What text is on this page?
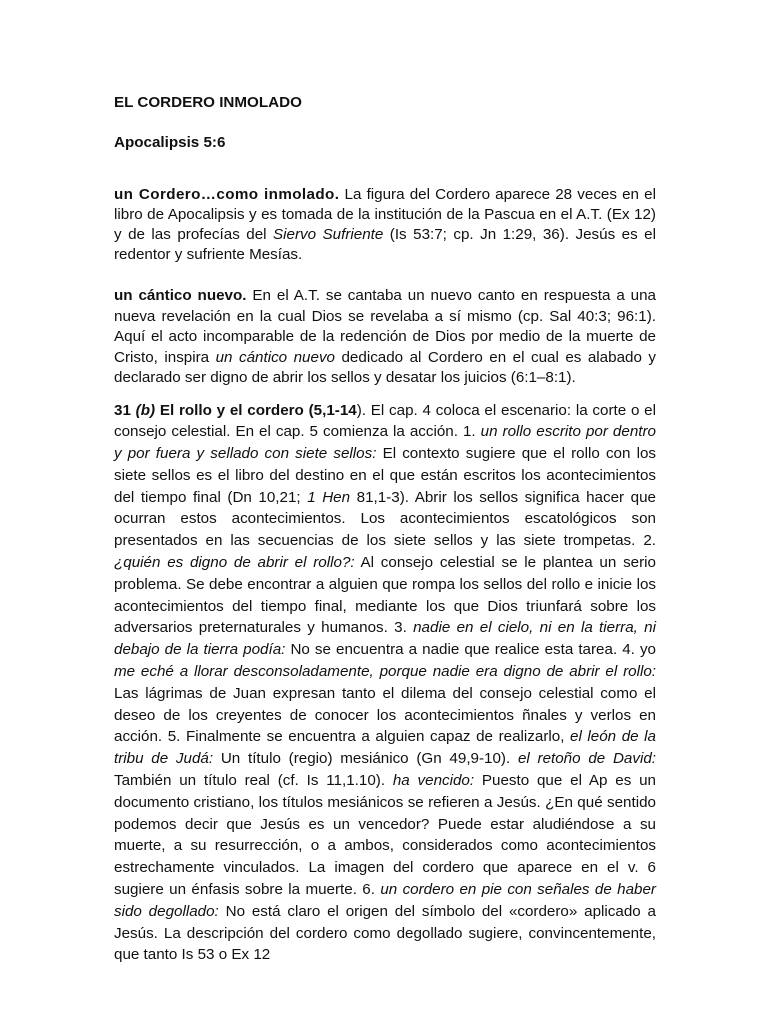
EL CORDERO INMOLADO
Apocalipsis 5:6

un Cordero…como inmolado. La figura del Cordero aparece 28 veces en el libro de Apocalipsis y es tomada de la institución de la Pascua en el A.T. (Ex 12) y de las profecías del Siervo Sufriente (Is 53:7; cp. Jn 1:29, 36). Jesús es el redentor y sufriente Mesías.

un cántico nuevo. En el A.T. se cantaba un nuevo canto en respuesta a una nueva revelación en la cual Dios se revelaba a sí mismo (cp. Sal 40:3; 96:1). Aquí el acto incomparable de la redención de Dios por medio de la muerte de Cristo, inspira un cántico nuevo dedicado al Cordero en el cual es alabado y declarado ser digno de abrir los sellos y desatar los juicios (6:1–8:1).

31 (b) El rollo y el cordero (5,1-14). El cap. 4 coloca el escenario: la corte o el consejo celestial. En el cap. 5 comienza la acción. 1. un rollo escrito por dentro y por fuera y sellado con siete sellos: El contexto sugiere que el rollo con los siete sellos es el libro del destino en el que están escritos los acontecimientos del tiempo final (Dn 10,21; 1 Hen 81,1-3). Abrir los sellos significa hacer que ocurran estos acontecimientos. Los acontecimientos escatológicos son presentados en las secuencias de los siete sellos y las siete trompetas. 2. ¿quién es digno de abrir el rollo?: Al consejo celestial se le plantea un serio problema. Se debe encontrar a alguien que rompa los sellos del rollo e inicie los acontecimientos del tiempo final, mediante los que Dios triunfará sobre los adversarios preternaturales y humanos. 3. nadie en el cielo, ni en la tierra, ni debajo de la tierra podía: No se encuentra a nadie que realice esta tarea. 4. yo me eché a llorar desconsoladamente, porque nadie era digno de abrir el rollo: Las lágrimas de Juan expresan tanto el dilema del consejo celestial como el deseo de los creyentes de conocer los acontecimientos ñnales y verlos en acción. 5. Finalmente se encuentra a alguien capaz de realizarlo, el león de la tribu de Judá: Un título (regio) mesiánico (Gn 49,9-10). el retoño de David: También un título real (cf. Is 11,1.10). ha vencido: Puesto que el Ap es un documento cristiano, los títulos mesiánicos se refieren a Jesús. ¿En qué sentido podemos decir que Jesús es un vencedor? Puede estar aludiéndose a su muerte, a su resurrección, o a ambos, considerados como acontecimientos estrechamente vinculados. La imagen del cordero que aparece en el v. 6 sugiere un énfasis sobre la muerte. 6. un cordero en pie con señales de haber sido degollado: No está claro el origen del símbolo del «cordero» aplicado a Jesús. La descripción del cordero como degollado sugiere, convincentemente, que tanto Is 53 o Ex 12
